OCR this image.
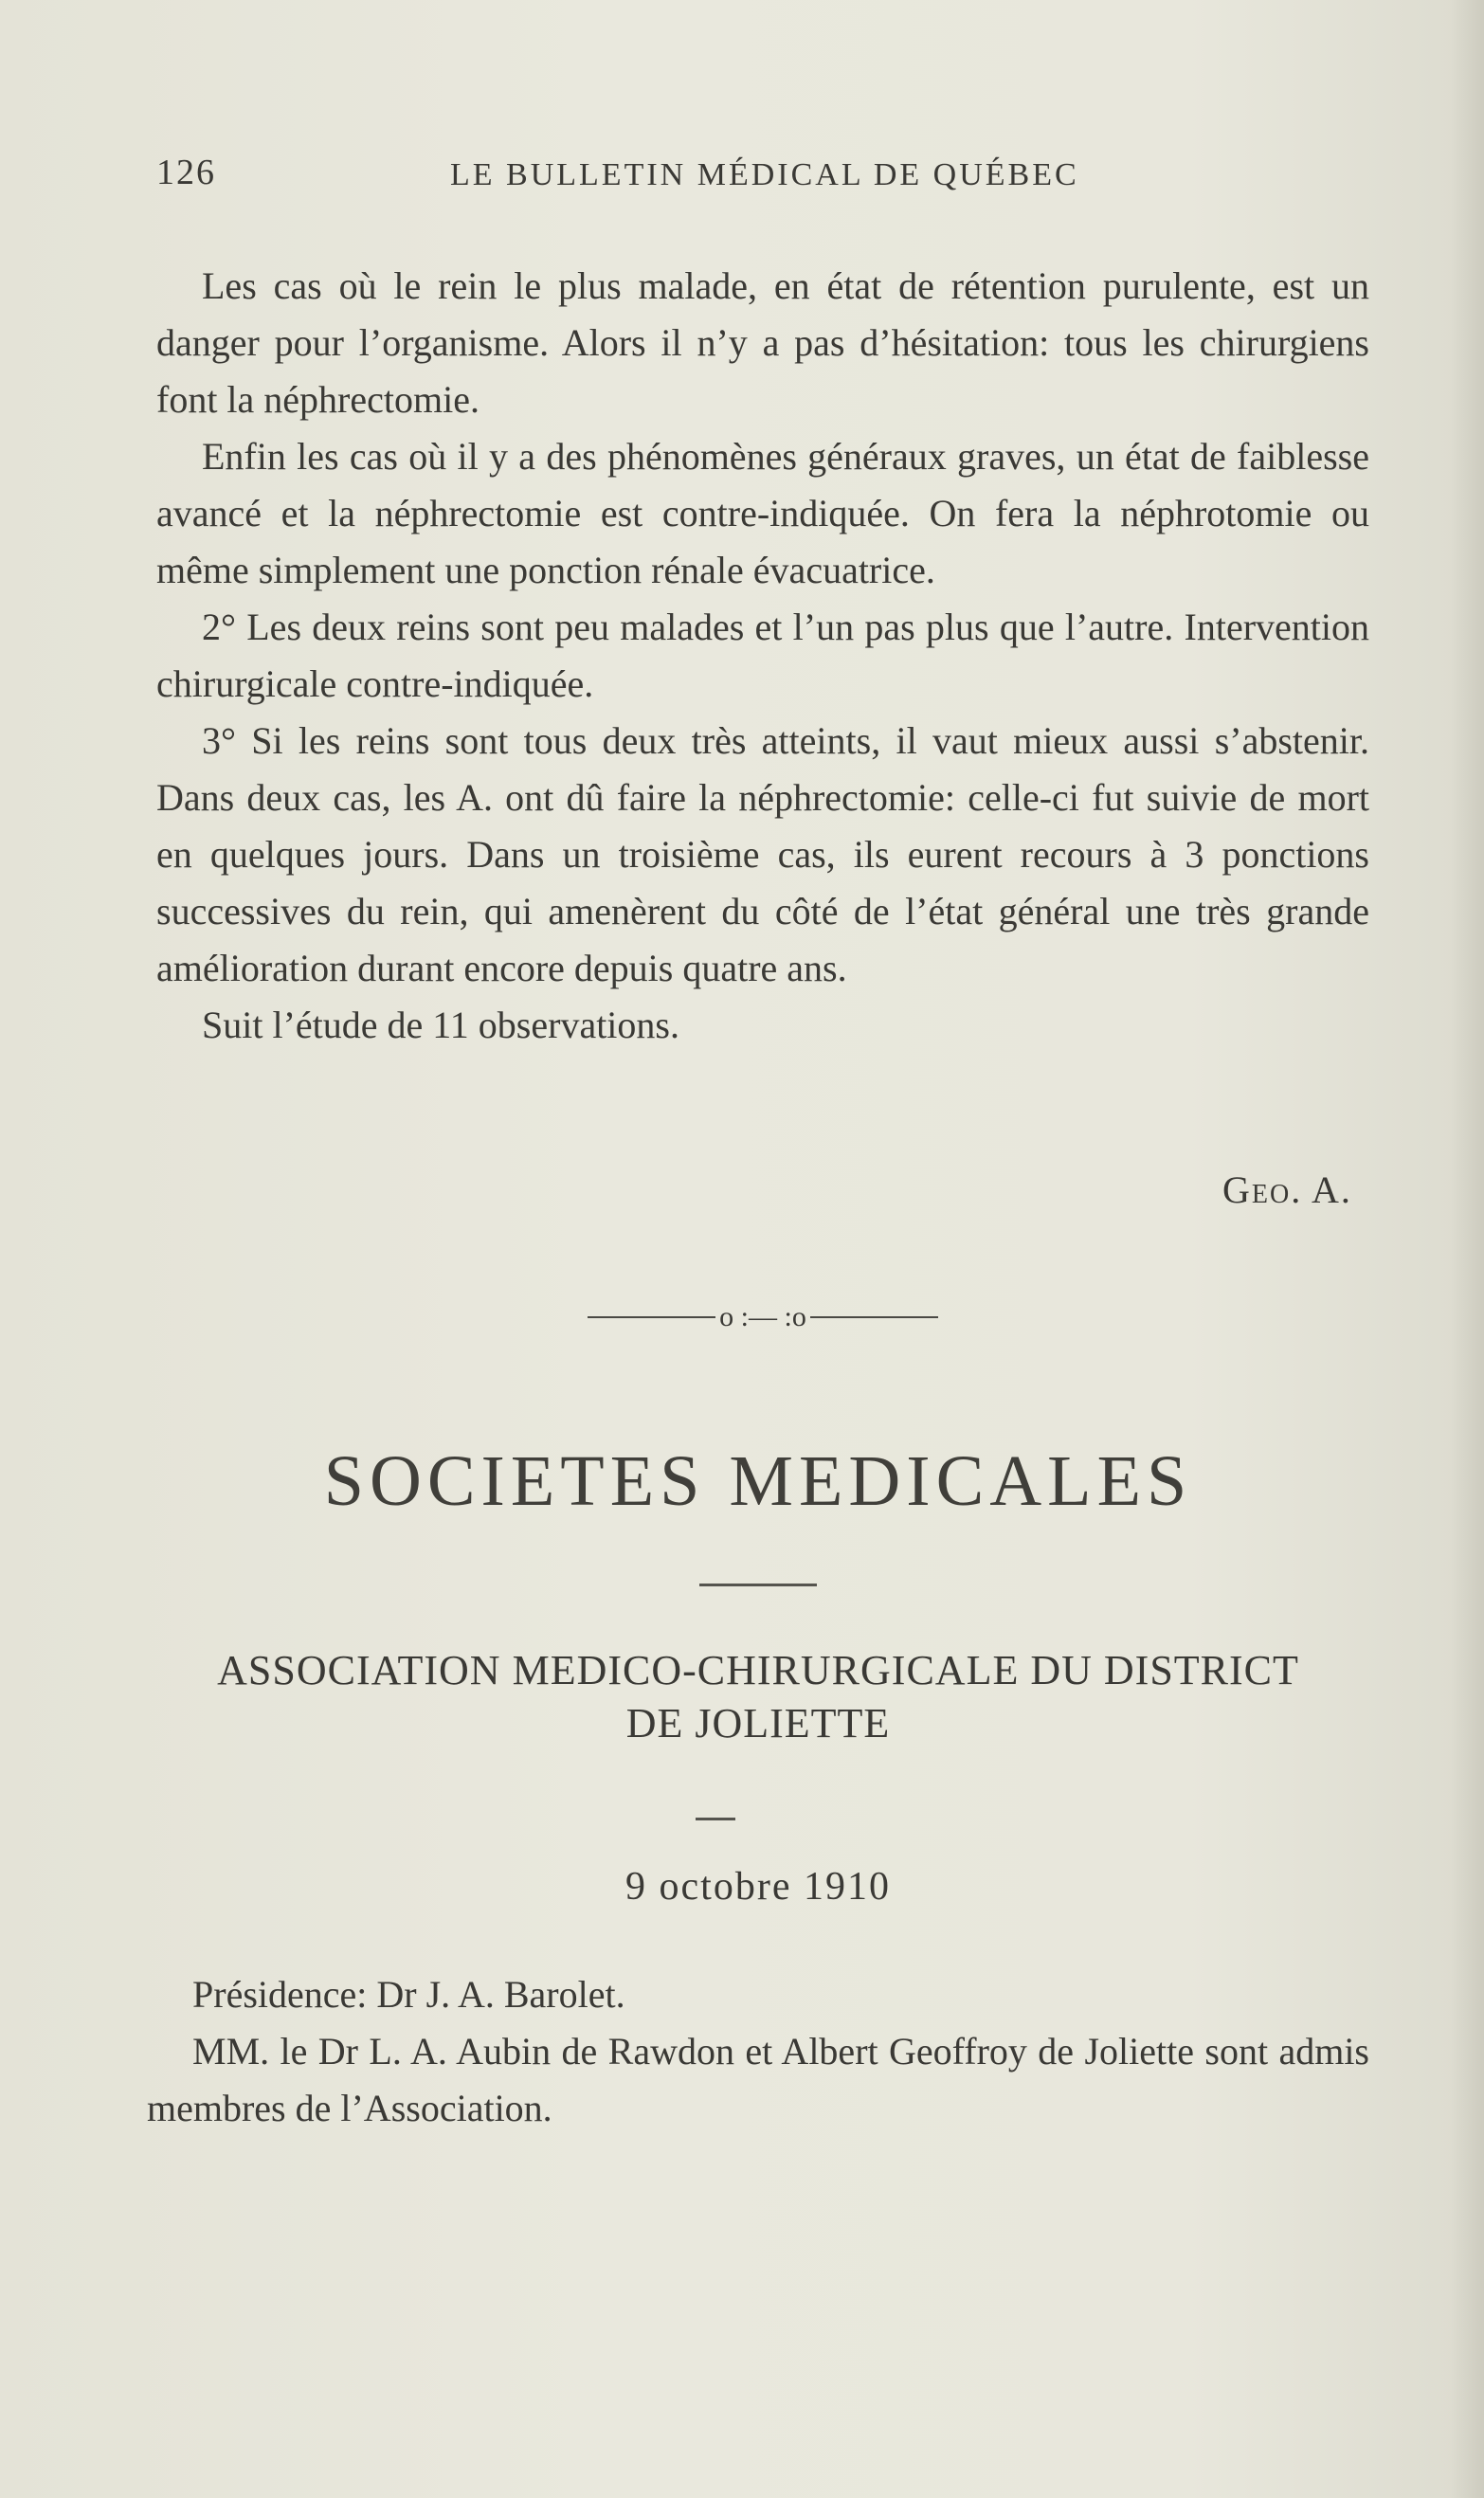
126	LE BULLETIN MÉDICAL DE QUÉBEC

Les cas où le rein le plus malade, en état de rétention purulente, est un danger pour l’organisme. Alors il n’y a pas d’hésitation: tous les chirurgiens font la néphrectomie.

Enfin les cas où il y a des phénomènes généraux graves, un état de faiblesse avancé et la néphrectomie est contre-indiquée. On fera la néphrotomie ou même simplement une ponction rénale évacuatrice.

2° Les deux reins sont peu malades et l’un pas plus que l’autre. Intervention chirurgicale contre-indiquée.

3° Si les reins sont tous deux très atteints, il vaut mieux aussi s’abstenir. Dans deux cas, les A. ont dû faire la néphrectomie: celle-ci fut suivie de mort en quelques jours. Dans un troisième cas, ils eurent recours à 3 ponctions successives du rein, qui amenèrent du côté de l’état général une très grande amélioration durant encore depuis quatre ans.

Suit l’étude de 11 observations.

Geo. A.
o :— :o
SOCIETES MEDICALES
ASSOCIATION MEDICO-CHIRURGICALE DU DISTRICT
DE JOLIETTE
9 octobre 1910

Présidence: Dr J. A. Barolet.

MM. le Dr L. A. Aubin de Rawdon et Albert Geoffroy de Joliette sont admis membres de l’Association.
